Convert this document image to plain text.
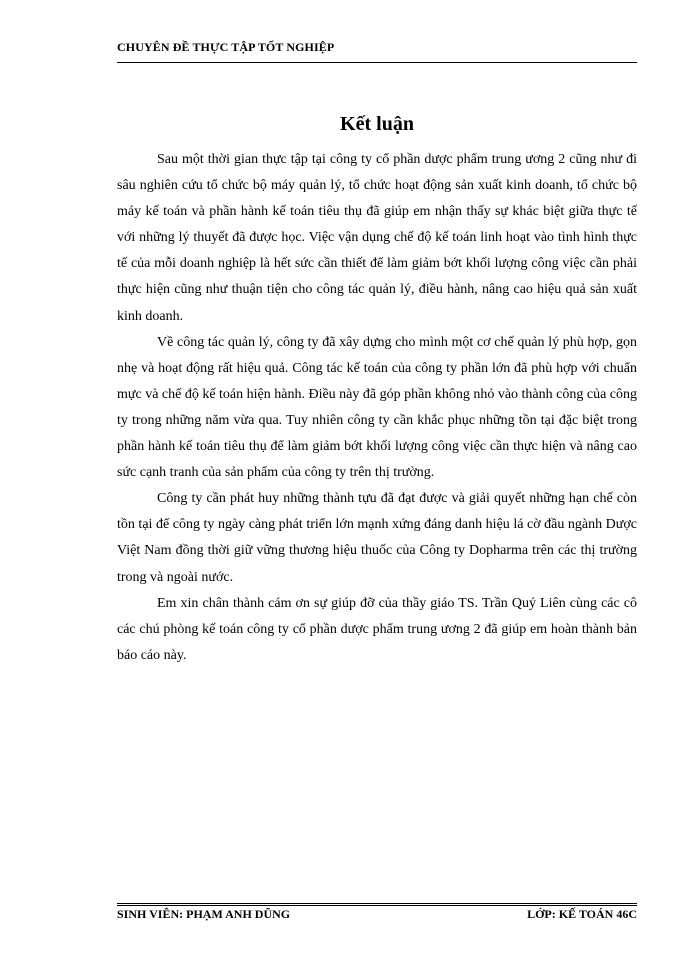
CHUYÊN ĐỀ THỰC TẬP TỐT NGHIỆP
Kết luận

Sau một thời gian thực tập tại công ty cổ phần dược phẩm trung ương 2 cũng như đi sâu nghiên cứu tổ chức bộ máy quản lý, tổ chức hoạt động sản xuất kinh doanh, tổ chức bộ máy kế toán và phần hành kế toán tiêu thụ đã giúp em nhận thấy sự khác biệt giữa thực tế với những lý thuyết đã được học. Việc vận dụng chế độ kế toán linh hoạt vào tình hình thực tế của mỗi doanh nghiệp là hết sức cần thiết để làm giảm bớt khối lượng công việc cần phải thực hiện cũng như thuận tiện cho công tác quản lý, điều hành, nâng cao hiệu quả sản xuất kinh doanh.

Về công tác quản lý, công ty đã xây dựng cho mình một cơ chế quản lý phù hợp, gọn nhẹ và hoạt động rất hiệu quả. Công tác kế toán của công ty phần lớn đã phù hợp với chuẩn mực và chế độ kế toán hiện hành. Điều này đã góp phần không nhỏ vào thành công của công ty trong những năm vừa qua. Tuy nhiên công ty cần khắc phục những tồn tại đặc biệt trong phần hành kế toán tiêu thụ để làm giảm bớt khối lượng công việc cần thực hiện và nâng cao sức cạnh tranh của sản phẩm của công ty trên thị trường.

Công ty cần phát huy những thành tựu đã đạt được và giải quyết những hạn chế còn tồn tại để công ty ngày càng phát triển lớn mạnh xứng đáng danh hiệu lá cờ đầu ngành Dược Việt Nam đồng thời giữ vững thương hiệu thuốc của Công ty Dopharma trên các thị trường trong và ngoài nước.

Em xin chân thành cám ơn sự giúp đỡ của thầy giáo TS. Trần Quý Liên cùng các cô các chú phòng kế toán công ty cổ phần dược phẩm trung ương 2 đã giúp em hoàn thành bản báo cáo này.

SINH VIÊN: PHẠM ANH DŨNG	LỚP: KẾ TOÁN 46C
